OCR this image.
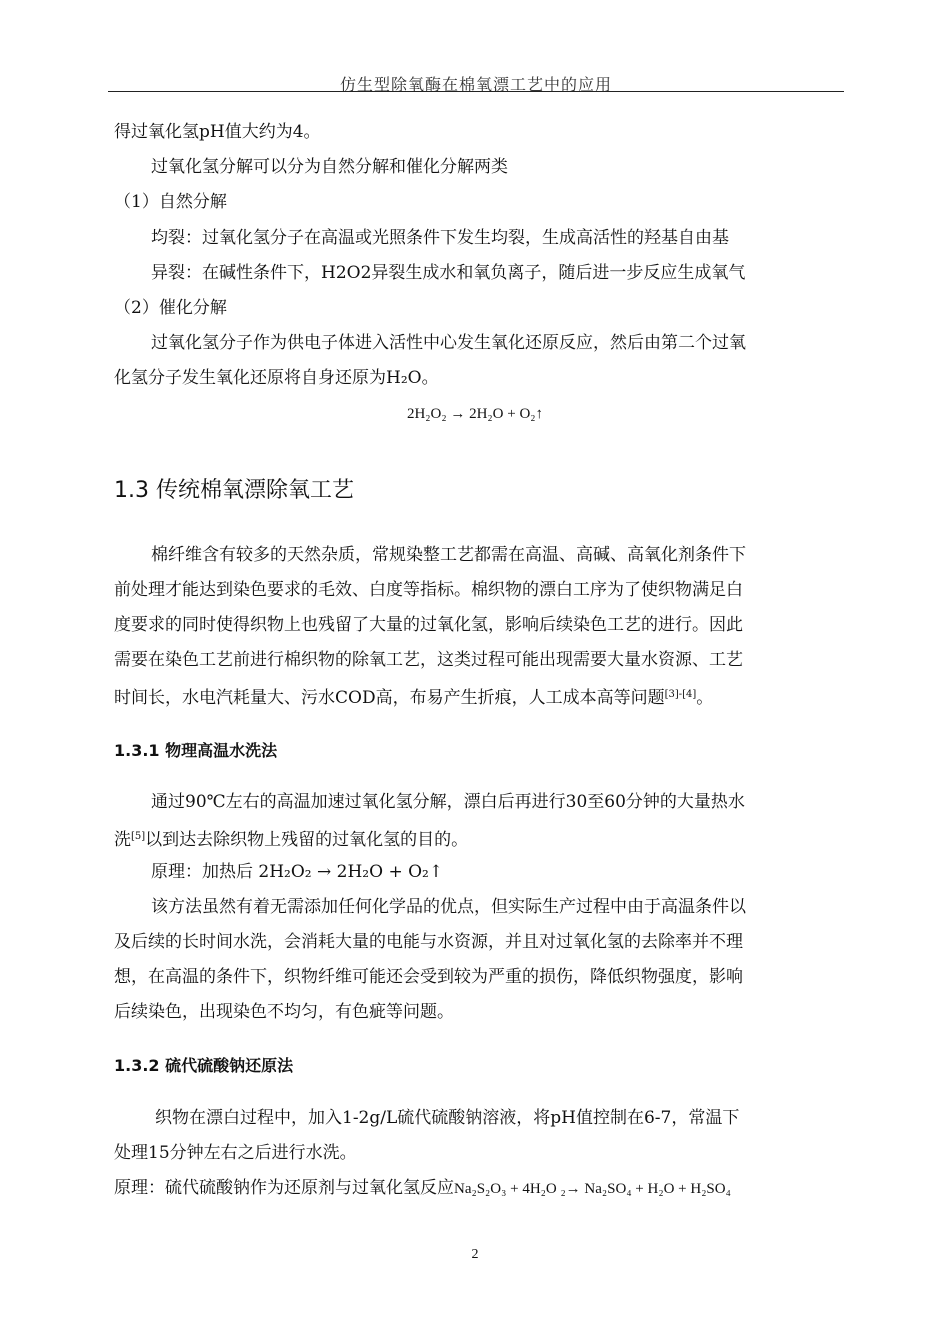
仿生型除氧酶在棉氧漂工艺中的应用
得过氧化氢pH值大约为4。
过氧化氢分解可以分为自然分解和催化分解两类
（1）自然分解
均裂：过氧化氢分子在高温或光照条件下发生均裂，生成高活性的羟基自由基
异裂：在碱性条件下，H2O2异裂生成水和氧负离子，随后进一步反应生成氧气
（2）催化分解
过氧化氢分子作为供电子体进入活性中心发生氧化还原反应，然后由第二个过氧
化氢分子发生氧化还原将自身还原为H₂O。
2H₂O₂ → 2H₂O + O₂↑
1.3 传统棉氧漂除氧工艺
棉纤维含有较多的天然杂质，常规染整工艺都需在高温、高碱、高氧化剂条件下
前处理才能达到染色要求的毛效、白度等指标。棉织物的漂白工序为了使织物满足白
度要求的同时使得织物上也残留了大量的过氧化氢，影响后续染色工艺的进行。因此
需要在染色工艺前进行棉织物的除氧工艺，这类过程可能出现需要大量水资源、工艺
时间长，水电汽耗量大、污水COD高，布易产生折痕，人工成本高等问题[3]-[4]。
1.3.1 物理高温水洗法
通过90℃左右的高温加速过氧化氢分解，漂白后再进行30至60分钟的大量热水
洗[5]以到达去除织物上残留的过氧化氢的目的。
原理：加热后 2H₂O₂ → 2H₂O + O₂↑
该方法虽然有着无需添加任何化学品的优点，但实际生产过程中由于高温条件以
及后续的长时间水洗，会消耗大量的电能与水资源，并且对过氧化氢的去除率并不理
想，在高温的条件下，织物纤维可能还会受到较为严重的损伤，降低织物强度，影响
后续染色，出现染色不均匀，有色疵等问题。
1.3.2 硫代硫酸钠还原法
织物在漂白过程中，加入1-2g/L硫代硫酸钠溶液，将pH值控制在6-7，常温下
处理15分钟左右之后进行水洗。
原理：硫代硫酸钠作为还原剂与过氧化氢反应Na₂S₂O₃ + 4H₂O ₂→ Na₂SO₄ + H₂O + H₂SO₄
2
